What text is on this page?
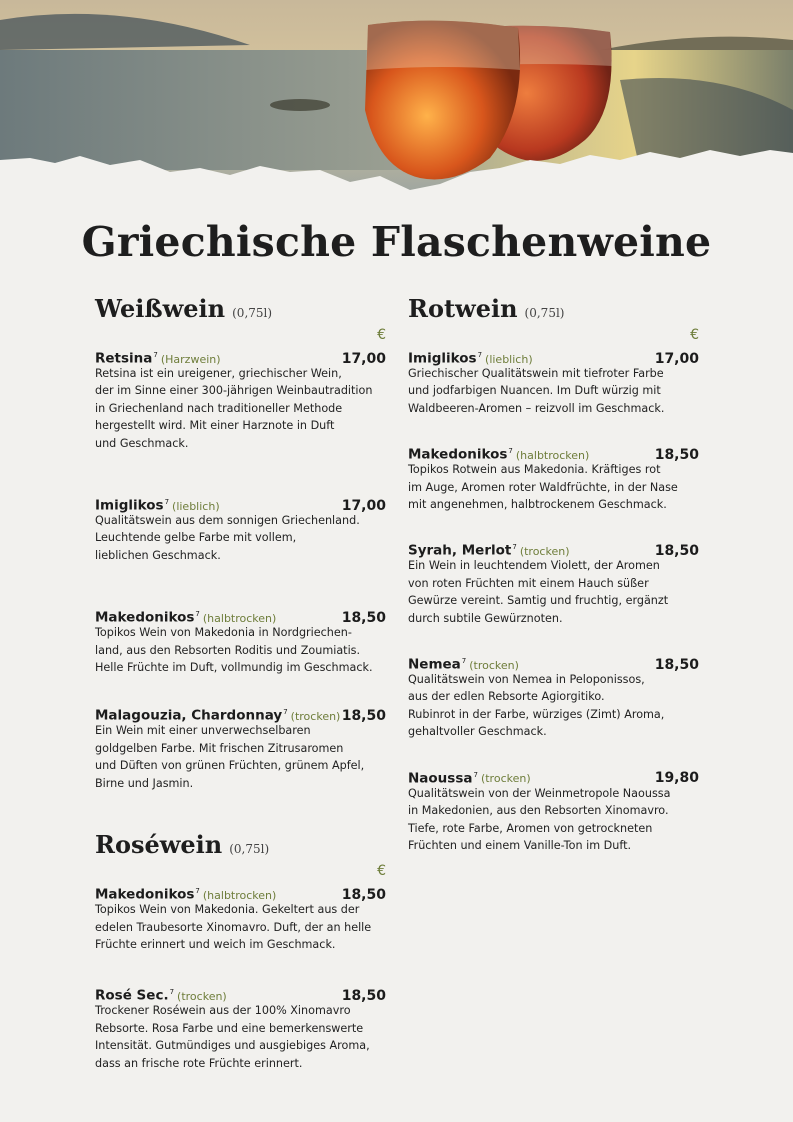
Griechische Flaschenweine
Weißwein (0,75l)
€
Retsina$^7$ (Harzwein)	17,00

Retsina ist ein ureigener, griechischer Wein,
der im Sinne einer 300-jährigen Weinbautradition
in Griechenland nach traditioneller Methode
hergestellt wird. Mit einer Harznote in Duft
und Geschmack.

Imiglikos$^7$ (lieblich)	17,00

Qualitätswein aus dem sonnigen Griechenland.
Leuchtende gelbe Farbe mit vollem,
lieblichen Geschmack.

Makedonikos$^7$ (halbtrocken)	18,50

Topikos Wein von Makedonia in Nordgriechen-
land, aus den Rebsorten Roditis und Zoumiatis.
Helle Früchte im Duft, vollmundig im Geschmack.

Malagouzia, Chardonnay$^7$ (trocken) 18,50

Ein Wein mit einer unverwechselbaren
goldgelben Farbe. Mit frischen Zitrusaromen
und Düften von grünen Früchten, grünem Apfel,
Birne und Jasmin.

Roséwein (0,75l)
€
Makedonikos$^7$ (halbtrocken)	18,50

Topikos Wein von Makedonia. Gekeltert aus der
edelen Traubesorte Xinomavro. Duft, der an helle
Früchte erinnert und weich im Geschmack.

Rosé Sec.$^7$ (trocken)	18,50

Trockener Roséwein aus der 100% Xinomavro
Rebsorte. Rosa Farbe und eine bemerkenswerte
Intensität. Gutmündiges und ausgiebiges Aroma,
dass an frische rote Früchte erinnert.

Rotwein (0,75l)
€
Imiglikos$^7$ (lieblich)	17,00

Griechischer Qualitätswein mit tiefroter Farbe
und jodfarbigen Nuancen. Im Duft würzig mit
Waldbeeren-Aromen – reizvoll im Geschmack.

Makedonikos$^7$ (halbtrocken)	18,50

Topikos Rotwein aus Makedonia. Kräftiges rot
im Auge, Aromen roter Waldfrüchte, in der Nase
mit angenehmen, halbtrockenem Geschmack.

Syrah, Merlot$^7$ (trocken)	18,50

Ein Wein in leuchtendem Violett, der Aromen
von roten Früchten mit einem Hauch süßer
Gewürze vereint. Samtig und fruchtig, ergänzt
durch subtile Gewürznoten.

Nemea$^7$ (trocken)	18,50

Qualitätswein von Nemea in Peloponissos,
aus der edlen Rebsorte Agiorgitiko.
Rubinrot in der Farbe, würziges (Zimt) Aroma,
gehaltvoller Geschmack.

Naoussa$^7$ (trocken)	19,80

Qualitätswein von der Weinmetropole Naoussa
in Makedonien, aus den Rebsorten Xinomavro.
Tiefe, rote Farbe, Aromen von getrockneten
Früchten und einem Vanille-Ton im Duft.
